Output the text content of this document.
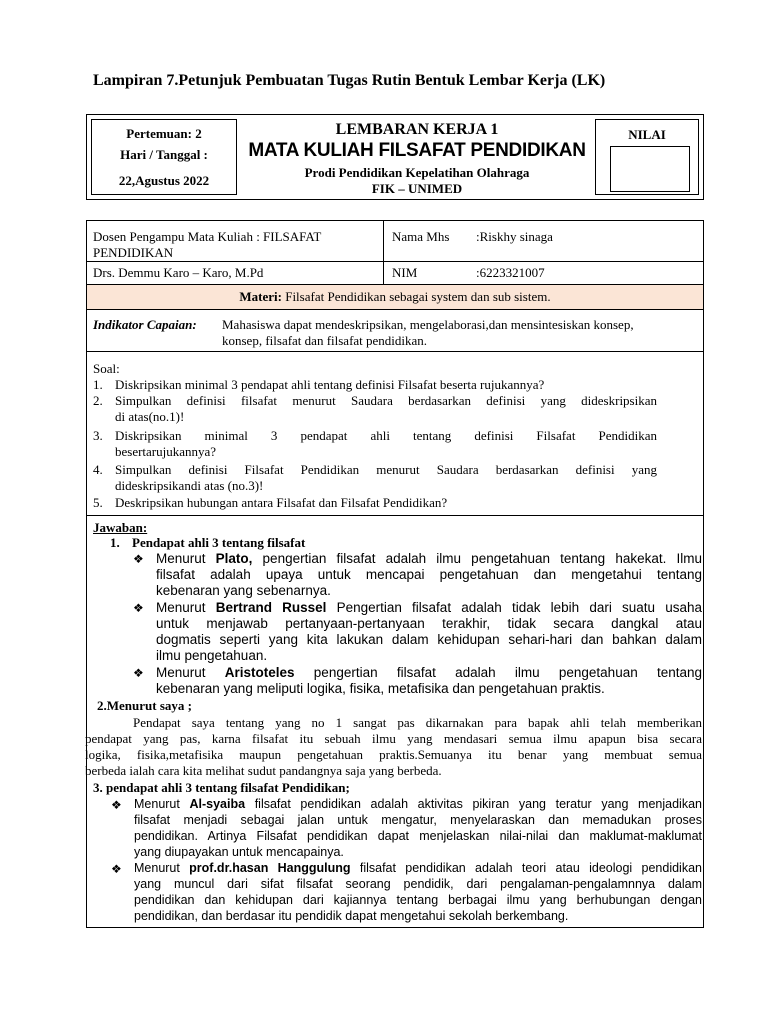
Lampiran 7.Petunjuk Pembuatan Tugas Rutin Bentuk Lembar Kerja (LK)
Pertemuan: 2
Hari / Tanggal :
22,Agustus 2022
LEMBARAN KERJA 1
MATA KULIAH FILSAFAT PENDIDIKAN
Prodi Pendidikan Kepelatihan Olahraga
FIK – UNIMED
NILAI
Dosen Pengampu Mata Kuliah : FILSAFAT
PENDIDIKAN
Nama Mhs :Riskhy sinaga
Drs. Demmu Karo – Karo, M.Pd	NIM	:6223321007
Materi: Filsafat Pendidikan sebagai system dan sub sistem.
Indikator Capaian: Mahasiswa dapat mendeskripsikan, mengelaborasi,dan mensintesiskan konsep,
konsep, filsafat dan filsafat pendidikan.
Soal:
1. Diskripsikan minimal 3 pendapat ahli tentang definisi Filsafat beserta rujukannya?
2. Simpulkan definisi filsafat menurut Saudara berdasarkan definisi yang dideskripsikan
di atas(no.1)!
3. Diskripsikan minimal 3 pendapat ahli tentang definisi Filsafat Pendidikan
besertarujukannya?
4. Simpulkan definisi Filsafat Pendidikan menurut Saudara berdasarkan definisi yang
dideskripsikandi atas (no.3)!
5. Deskripsikan hubungan antara Filsafat dan Filsafat Pendidikan?
Jawaban:
1. Pendapat ahli 3 tentang filsafat
❖ Menurut Plato, pengertian filsafat adalah ilmu pengetahuan tentang hakekat. Ilmu
filsafat adalah upaya untuk mencapai pengetahuan dan mengetahui tentang
kebenaran yang sebenarnya.
❖ Menurut Bertrand Russel Pengertian filsafat adalah tidak lebih dari suatu usaha
untuk menjawab pertanyaan-pertanyaan terakhir, tidak secara dangkal atau
dogmatis seperti yang kita lakukan dalam kehidupan sehari-hari dan bahkan dalam
ilmu pengetahuan.
❖ Menurut Aristoteles pengertian filsafat adalah ilmu pengetahuan tentang
kebenaran yang meliputi logika, fisika, metafisika dan pengetahuan praktis.
2.Menurut saya ;
Pendapat saya tentang yang no 1 sangat pas dikarnakan para bapak ahli telah memberikan
pendapat yang pas, karna filsafat itu sebuah ilmu yang mendasari semua ilmu apapun bisa secara
logika, fisika,metafisika maupun pengetahuan praktis.Semuanya itu benar yang membuat semua
berbeda ialah cara kita melihat sudut pandangnya saja yang berbeda.
3. pendapat ahli 3 tentang filsafat Pendidikan;
❖ Menurut Al-syaiba filsafat pendidikan adalah aktivitas pikiran yang teratur yang menjadikan
filsafat menjadi sebagai jalan untuk mengatur, menyelaraskan dan memadukan proses
pendidikan. Artinya Filsafat pendidikan dapat menjelaskan nilai-nilai dan maklumat-maklumat
yang diupayakan untuk mencapainya.
❖ Menurut prof.dr.hasan Hanggulung filsafat pendidikan adalah teori atau ideologi pendidikan
yang muncul dari sifat filsafat seorang pendidik, dari pengalaman-pengalamnnya dalam
pendidikan dan kehidupan dari kajiannya tentang berbagai ilmu yang berhubungan dengan
pendidikan, dan berdasar itu pendidik dapat mengetahui sekolah berkembang.
